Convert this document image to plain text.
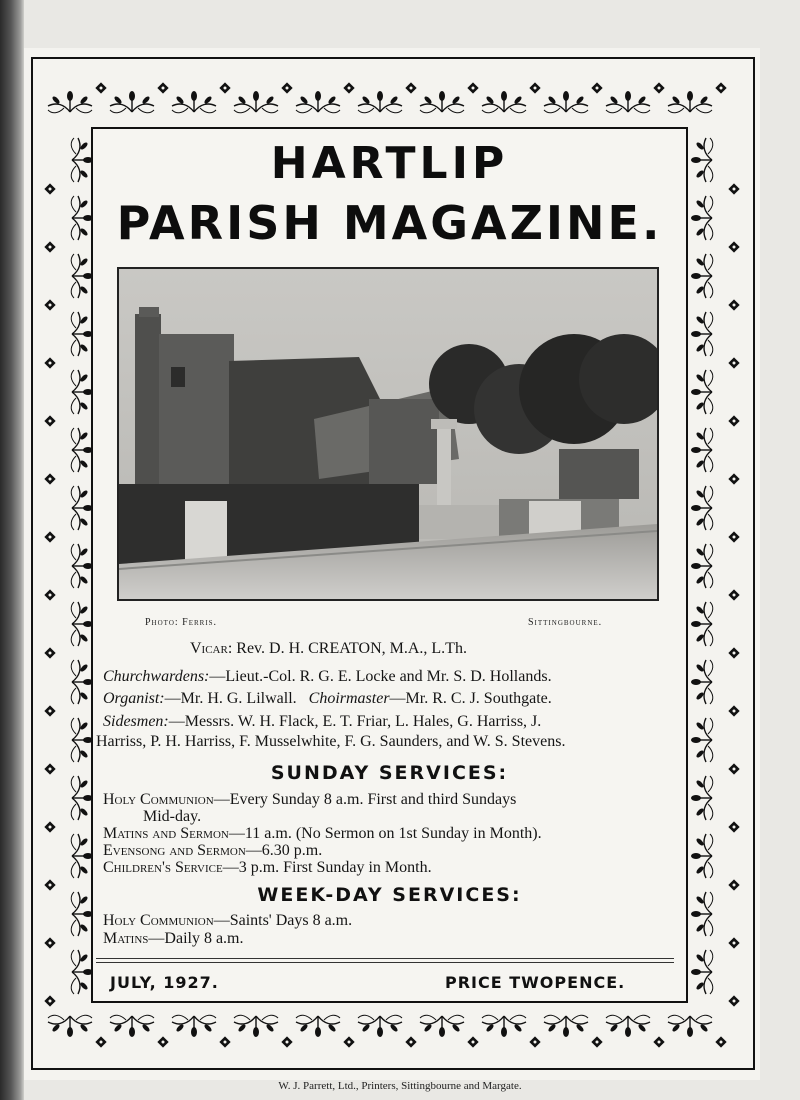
HARTLIP
PARISH MAGAZINE.
Photo: Ferris.	Sittingbourne.
Vicar: Rev. D. H. CREATON, M.A., L.Th.
Churchwardens:—Lieut.-Col. R. G. E. Locke and Mr. S. D. Hollands.
Organist:—Mr. H. G. Lilwall. Choirmaster—Mr. R. C. J. Southgate.
Sidesmen:—Messrs. W. H. Flack, E. T. Friar, L. Hales, G. Harriss, J.
Harriss, P. H. Harriss, F. Musselwhite, F. G. Saunders, and W. S. Stevens.
SUNDAY SERVICES:
Holy Communion—Every Sunday 8 a.m. First and third Sundays
Mid-day.
Matins and Sermon—11 a.m. (No Sermon on 1st Sunday in Month).
Evensong and Sermon—6.30 p.m.
Children's Service—3 p.m. First Sunday in Month.
WEEK-DAY SERVICES:
Holy Communion—Saints' Days 8 a.m.
Matins—Daily 8 a.m.
JULY, 1927.	PRICE TWOPENCE.
W. J. Parrett, Ltd., Printers, Sittingbourne and Margate.
